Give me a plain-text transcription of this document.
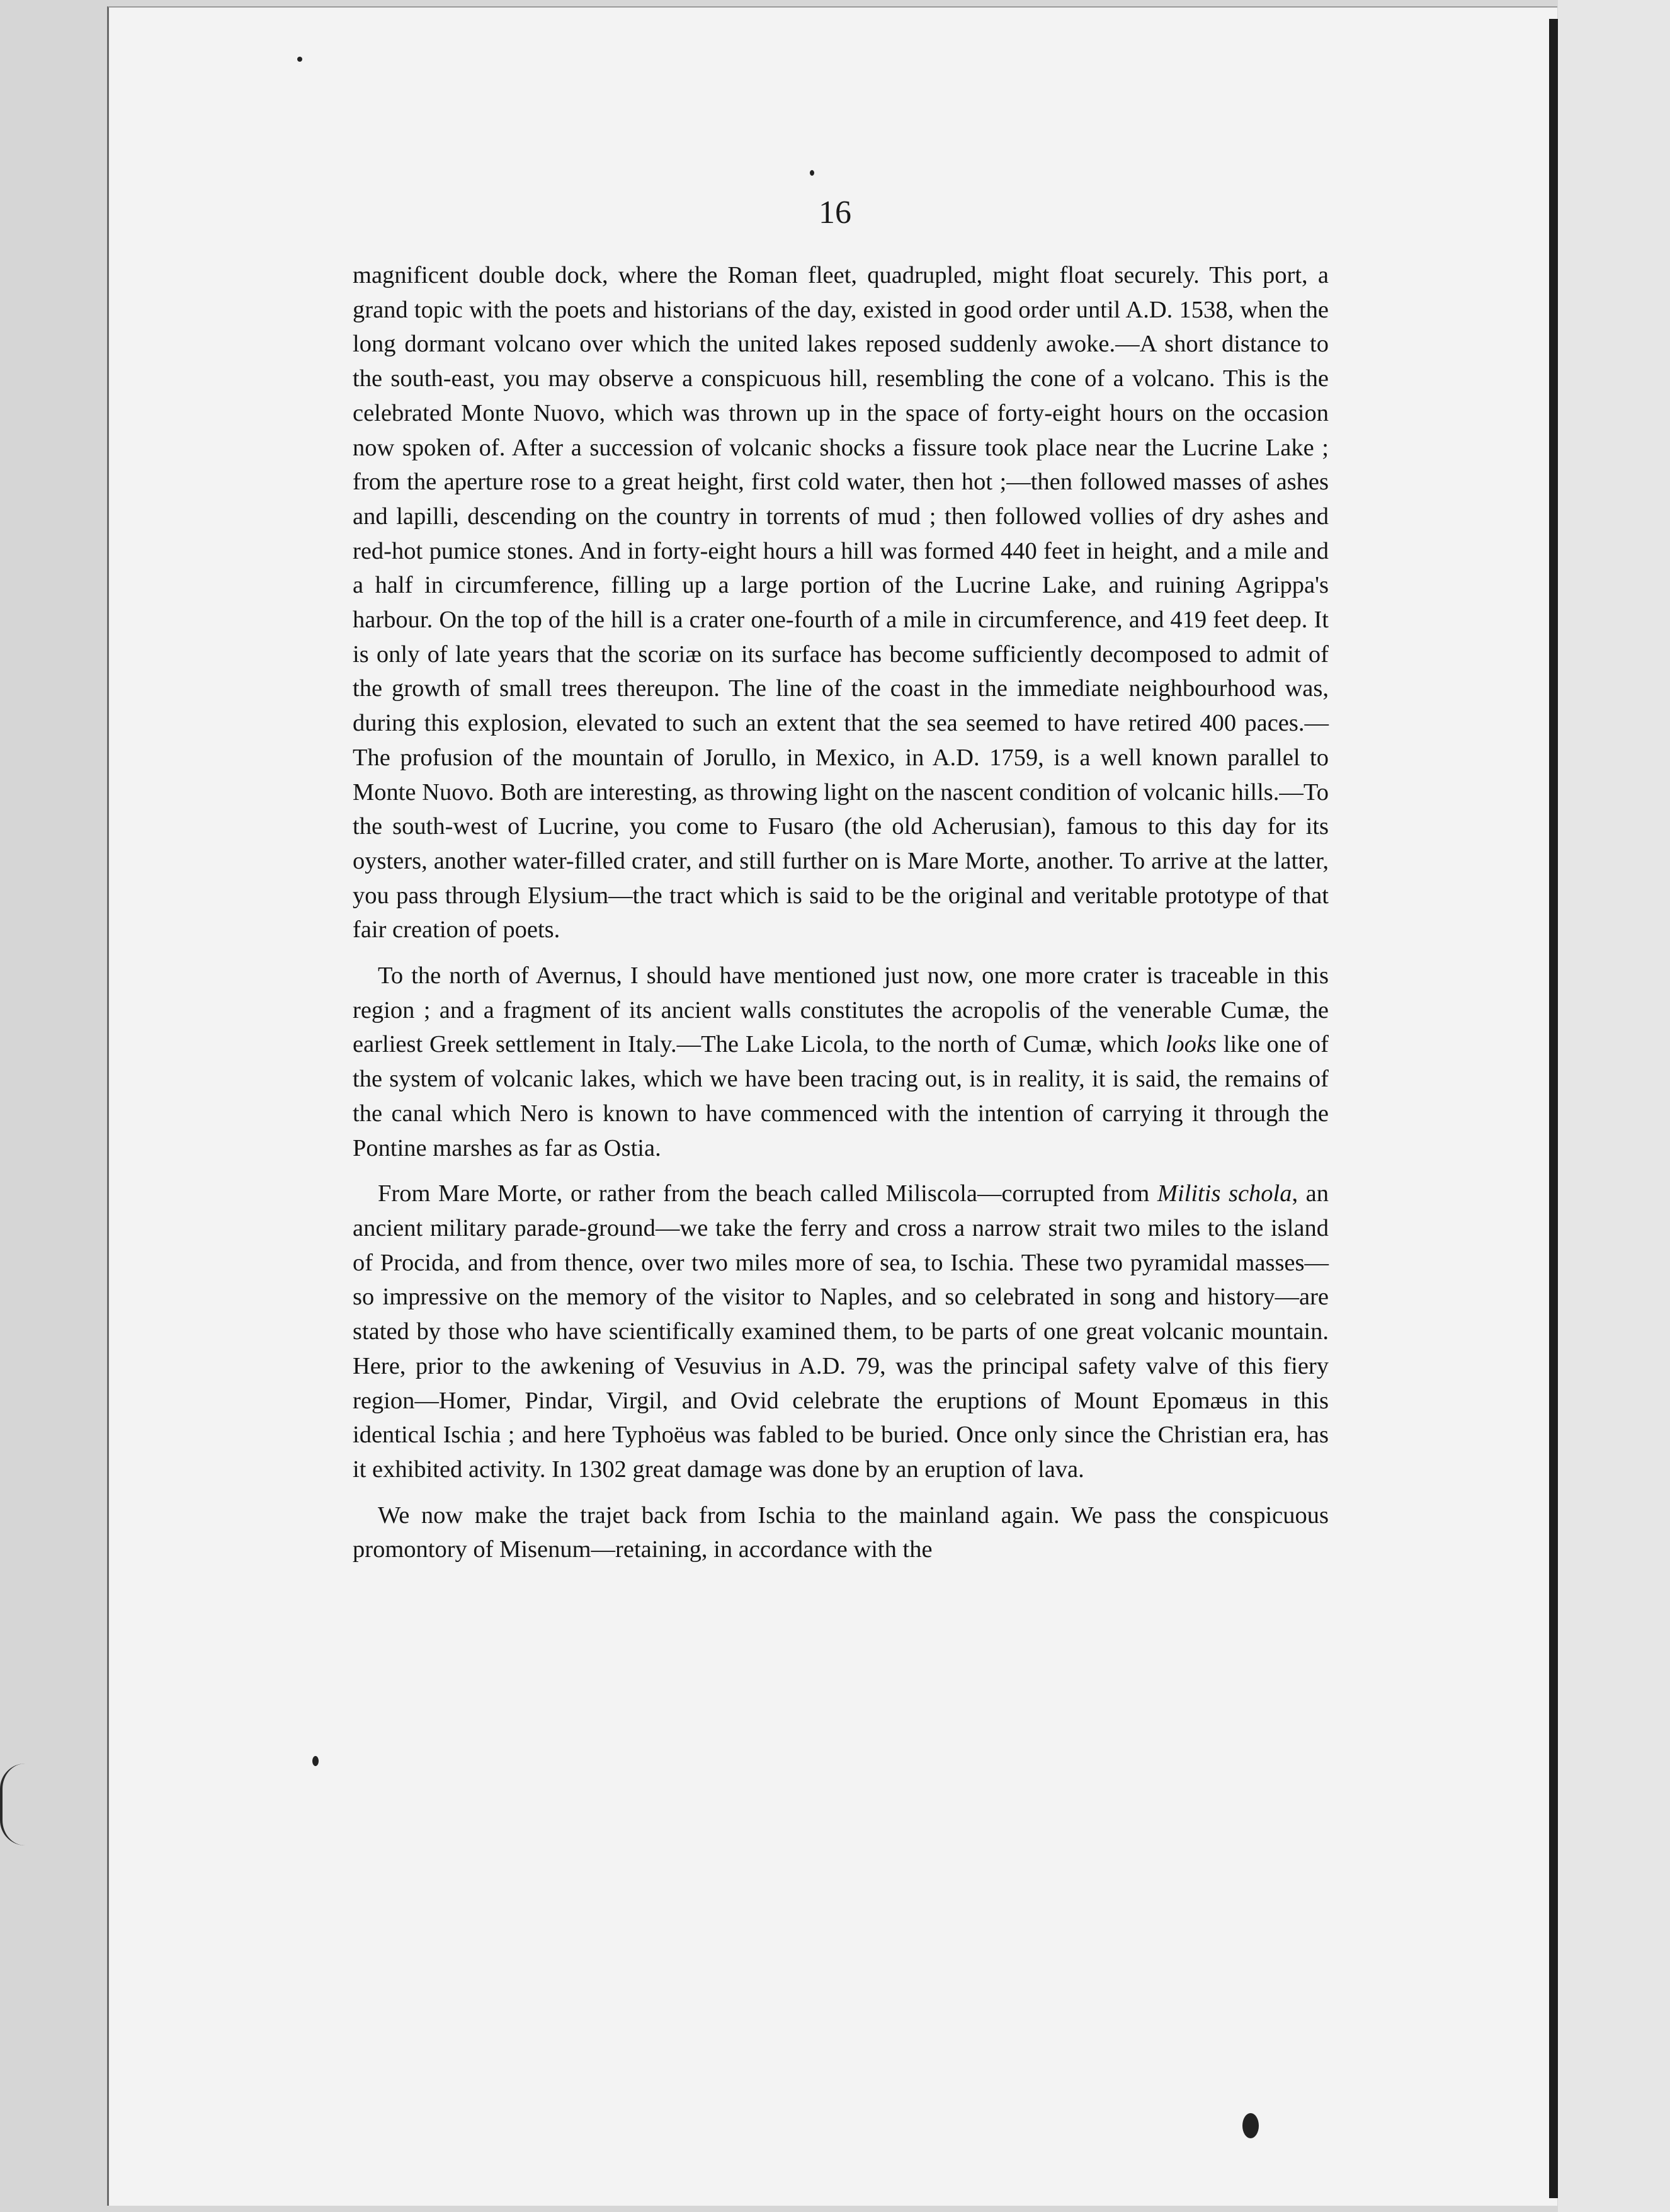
16

magnificent double dock, where the Roman fleet, quadrupled, might float securely. This port, a grand topic with the poets and historians of the day, existed in good order until A.D. 1538, when the long dormant volcano over which the united lakes reposed suddenly awoke.—A short distance to the south-east, you may observe a conspicuous hill, resembling the cone of a volcano. This is the celebrated Monte Nuovo, which was thrown up in the space of forty-eight hours on the occasion now spoken of. After a succession of volcanic shocks a fissure took place near the Lucrine Lake ; from the aperture rose to a great height, first cold water, then hot ;—then followed masses of ashes and lapilli, descending on the country in torrents of mud ; then followed vollies of dry ashes and red-hot pumice stones. And in forty-eight hours a hill was formed 440 feet in height, and a mile and a half in circumference, filling up a large portion of the Lucrine Lake, and ruining Agrippa's harbour. On the top of the hill is a crater one-fourth of a mile in circumference, and 419 feet deep. It is only of late years that the scoriæ on its surface has become sufficiently decomposed to admit of the growth of small trees thereupon. The line of the coast in the immediate neighbourhood was, during this explosion, elevated to such an extent that the sea seemed to have retired 400 paces.—The profusion of the mountain of Jorullo, in Mexico, in A.D. 1759, is a well known parallel to Monte Nuovo. Both are interesting, as throwing light on the nascent condition of volcanic hills.—To the south-west of Lucrine, you come to Fusaro (the old Acherusian), famous to this day for its oysters, another water-filled crater, and still further on is Mare Morte, another. To arrive at the latter, you pass through Elysium—the tract which is said to be the original and veritable prototype of that fair creation of poets.

To the north of Avernus, I should have mentioned just now, one more crater is traceable in this region ; and a fragment of its ancient walls constitutes the acropolis of the venerable Cumæ, the earliest Greek settlement in Italy.—The Lake Licola, to the north of Cumæ, which looks like one of the system of volcanic lakes, which we have been tracing out, is in reality, it is said, the remains of the canal which Nero is known to have commenced with the intention of carrying it through the Pontine marshes as far as Ostia.

From Mare Morte, or rather from the beach called Miliscola—corrupted from Militis schola, an ancient military parade-ground—we take the ferry and cross a narrow strait two miles to the island of Procida, and from thence, over two miles more of sea, to Ischia. These two pyramidal masses—so impressive on the memory of the visitor to Naples, and so celebrated in song and history—are stated by those who have scientifically examined them, to be parts of one great volcanic mountain. Here, prior to the awkening of Vesuvius in A.D. 79, was the principal safety valve of this fiery region—Homer, Pindar, Virgil, and Ovid celebrate the eruptions of Mount Epomæus in this identical Ischia ; and here Typhoëus was fabled to be buried. Once only since the Christian era, has it exhibited activity. In 1302 great damage was done by an eruption of lava.

We now make the trajet back from Ischia to the mainland again. We pass the conspicuous promontory of Misenum—retaining, in accordance with the
